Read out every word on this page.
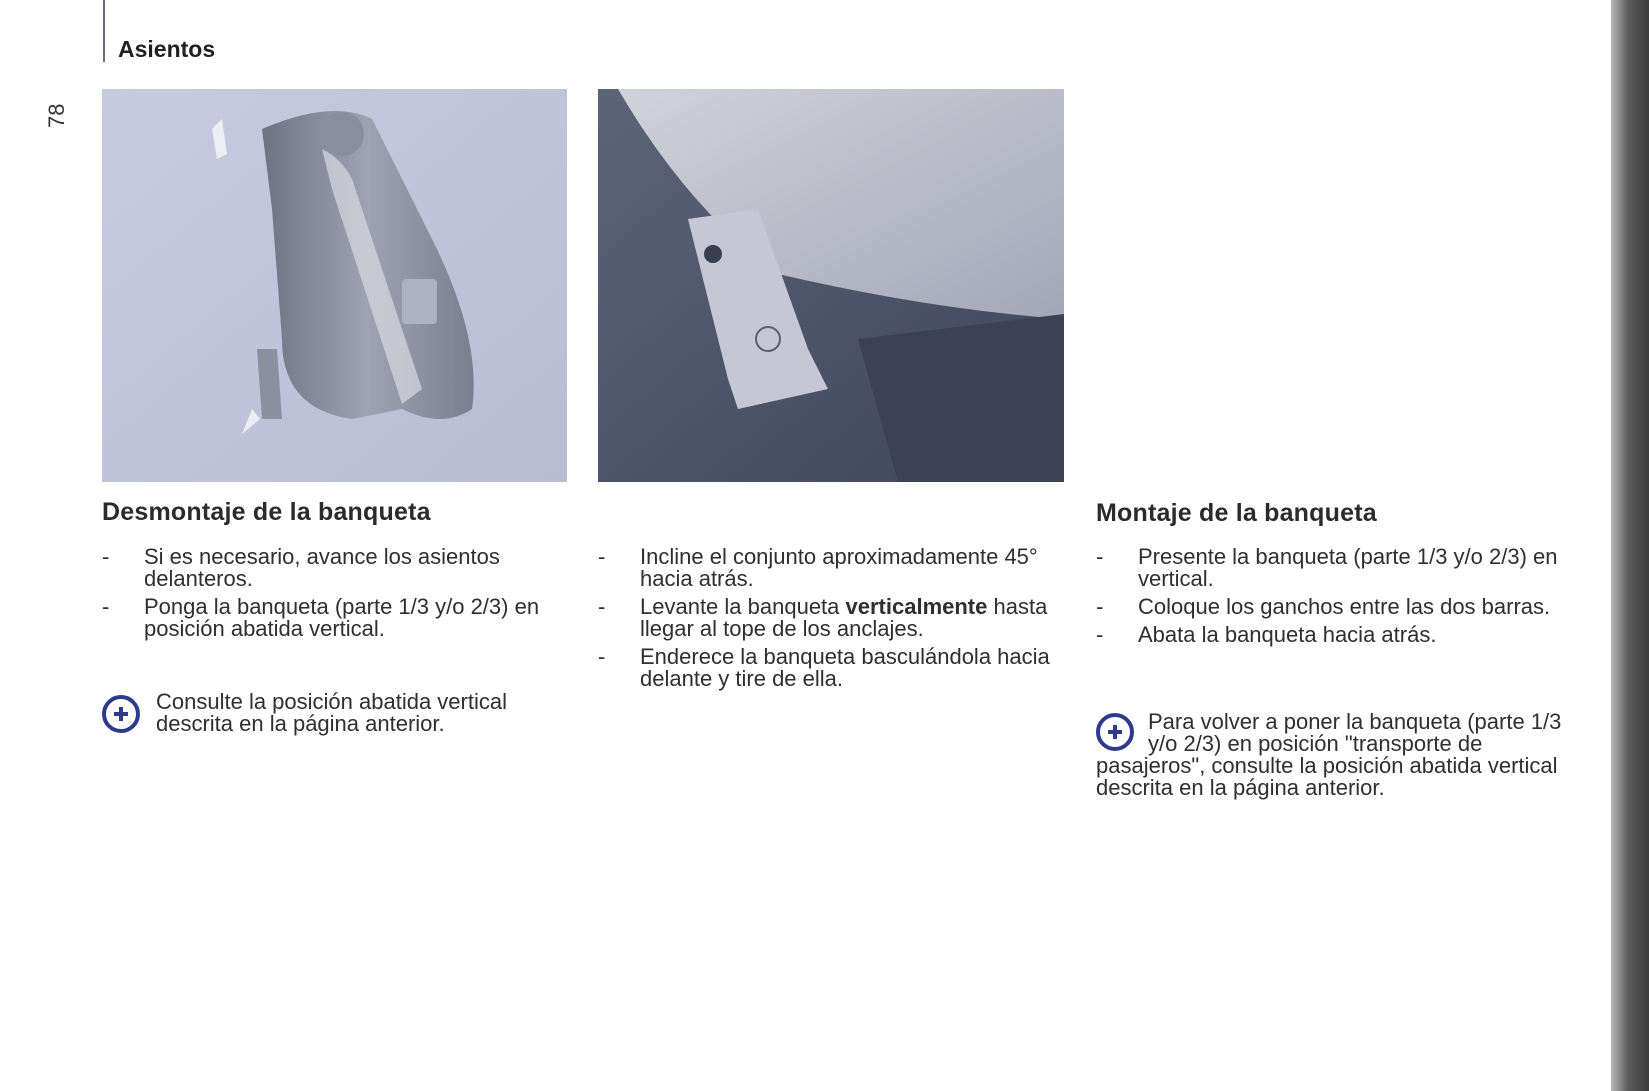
Asientos
78
Desmontaje de la banqueta
- Si es necesario, avance los asientos delanteros.
- Ponga la banqueta (parte 1/3 y/o 2/3) en posición abatida vertical.
Consulte la posición abatida vertical descrita en la página anterior.
- Incline el conjunto aproximadamente 45° hacia atrás.
- Levante la banqueta verticalmente hasta llegar al tope de los anclajes.
- Enderece la banqueta basculándola hacia delante y tire de ella.
Montaje de la banqueta
- Presente la banqueta (parte 1/3 y/o 2/3) en vertical.
- Coloque los ganchos entre las dos barras.
- Abata la banqueta hacia atrás.
Para volver a poner la banqueta (parte 1/3 y/o 2/3) en posición "transporte de pasajeros", consulte la posición abatida vertical descrita en la página anterior.
